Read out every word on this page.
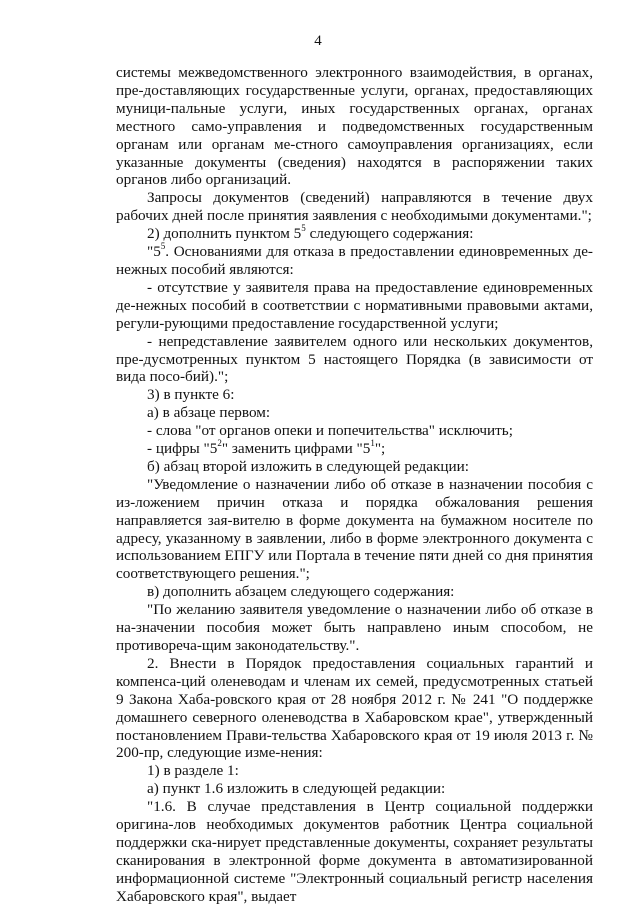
4

системы межведомственного электронного взаимодействия, в органах, пре-доставляющих государственные услуги, органах, предоставляющих муници-пальные услуги, иных государственных органах, органах местного само-управления и подведомственных государственным органам или органам ме-стного самоуправления организациях, если указанные документы (сведения) находятся в распоряжении таких органов либо организаций.

Запросы документов (сведений) направляются в течение двух рабочих дней после принятия заявления с необходимыми документами.";

2) дополнить пунктом $5^5$ следующего содержания:

"$5^5$. Основаниями для отказа в предоставлении единовременных де-нежных пособий являются:

- отсутствие у заявителя права на предоставление единовременных де-нежных пособий в соответствии с нормативными правовыми актами, регули-рующими предоставление государственной услуги;

- непредставление заявителем одного или нескольких документов, пре-дусмотренных пунктом 5 настоящего Порядка (в зависимости от вида посо-бий).";

3) в пункте 6:

а) в абзаце первом:

- слова "от органов опеки и попечительства" исключить;

- цифры "$5^2$" заменить цифрами "$5^1$";

б) абзац второй изложить в следующей редакции:

"Уведомление о назначении либо об отказе в назначении пособия с из-ложением причин отказа и порядка обжалования решения направляется зая-вителю в форме документа на бумажном носителе по адресу, указанному в заявлении, либо в форме электронного документа с использованием ЕПГУ или Портала в течение пяти дней со дня принятия соответствующего решения.";

в) дополнить абзацем следующего содержания:

"По желанию заявителя уведомление о назначении либо об отказе в на-значении пособия может быть направлено иным способом, не противореча-щим законодательству.".

2. Внести в Порядок предоставления социальных гарантий и компенса-ций оленеводам и членам их семей, предусмотренных статьей 9 Закона Хаба-ровского края от 28 ноября 2012 г. № 241 "О поддержке домашнего северного оленеводства в Хабаровском крае", утвержденный постановлением Прави-тельства Хабаровского края от 19 июля 2013 г. № 200-пр, следующие изме-нения:

1) в разделе 1:

а) пункт 1.6 изложить в следующей редакции:

"1.6. В случае представления в Центр социальной поддержки оригина-лов необходимых документов работник Центра социальной поддержки ска-нирует представленные документы, сохраняет результаты сканирования в электронной форме документа в автоматизированной информационной системе "Электронный социальный регистр населения Хабаровского края", выдает
